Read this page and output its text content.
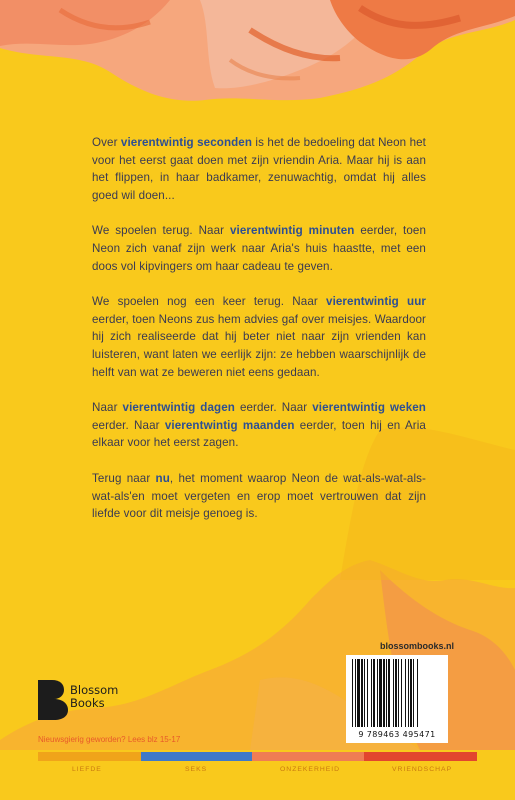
Over vierentwintig seconden is het de bedoeling dat Neon het voor het eerst gaat doen met zijn vriendin Aria. Maar hij is aan het flippen, in haar badkamer, zenuwachtig, omdat hij alles goed wil doen...

We spoelen terug. Naar vierentwintig minuten eerder, toen Neon zich vanaf zijn werk naar Aria's huis haastte, met een doos vol kipvingers om haar cadeau te geven.

We spoelen nog een keer terug. Naar vierentwintig uur eerder, toen Neons zus hem advies gaf over meisjes. Waardoor hij zich realiseerde dat hij beter niet naar zijn vrienden kan luisteren, want laten we eerlijk zijn: ze hebben waarschijnlijk de helft van wat ze beweren niet eens gedaan.

Naar vierentwintig dagen eerder. Naar vierentwintig weken eerder. Naar vierentwintig maanden eerder, toen hij en Aria elkaar voor het eerst zagen.

Terug naar nu, het moment waarop Neon de wat-als-wat-als-wat-als'en moet vergeten en erop moet vertrouwen dat zijn liefde voor dit meisje genoeg is.

blossombooks.nl
9 789463 495471
Blossom
Books
Nieuwsgierig geworden? Lees blz 15-17
LIEFDE	SEKS	ONZEKERHEID	VRIENDSCHAP
